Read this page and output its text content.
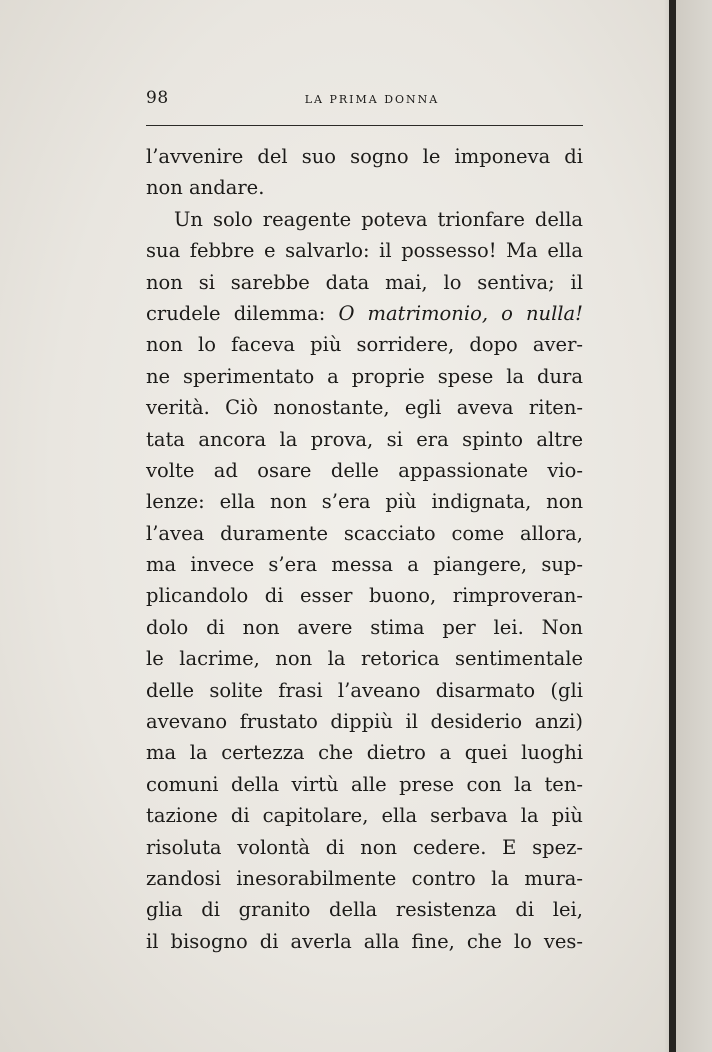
98	LA PRIMA DONNA
l’avvenire del suo sogno le imponeva di
non andare.
Un solo reagente poteva trionfare della
sua febbre e salvarlo: il possesso! Ma ella
non si sarebbe data mai, lo sentiva; il
crudele dilemma: O matrimonio, o nulla!
non lo faceva più sorridere, dopo aver-
ne sperimentato a proprie spese la dura
verità. Ciò nonostante, egli aveva riten-
tata ancora la prova, si era spinto altre
volte ad osare delle appassionate vio-
lenze: ella non s’era più indignata, non
l’avea duramente scacciato come allora,
ma invece s’era messa a piangere, sup-
plicandolo di esser buono, rimproveran-
dolo di non avere stima per lei. Non
le lacrime, non la retorica sentimentale
delle solite frasi l’aveano disarmato (gli
avevano frustato dippiù il desiderio anzi)
ma la certezza che dietro a quei luoghi
comuni della virtù alle prese con la ten-
tazione di capitolare, ella serbava la più
risoluta volontà di non cedere. E spez-
zandosi inesorabilmente contro la mura-
glia di granito della resistenza di lei,
il bisogno di averla alla fine, che lo ves-
